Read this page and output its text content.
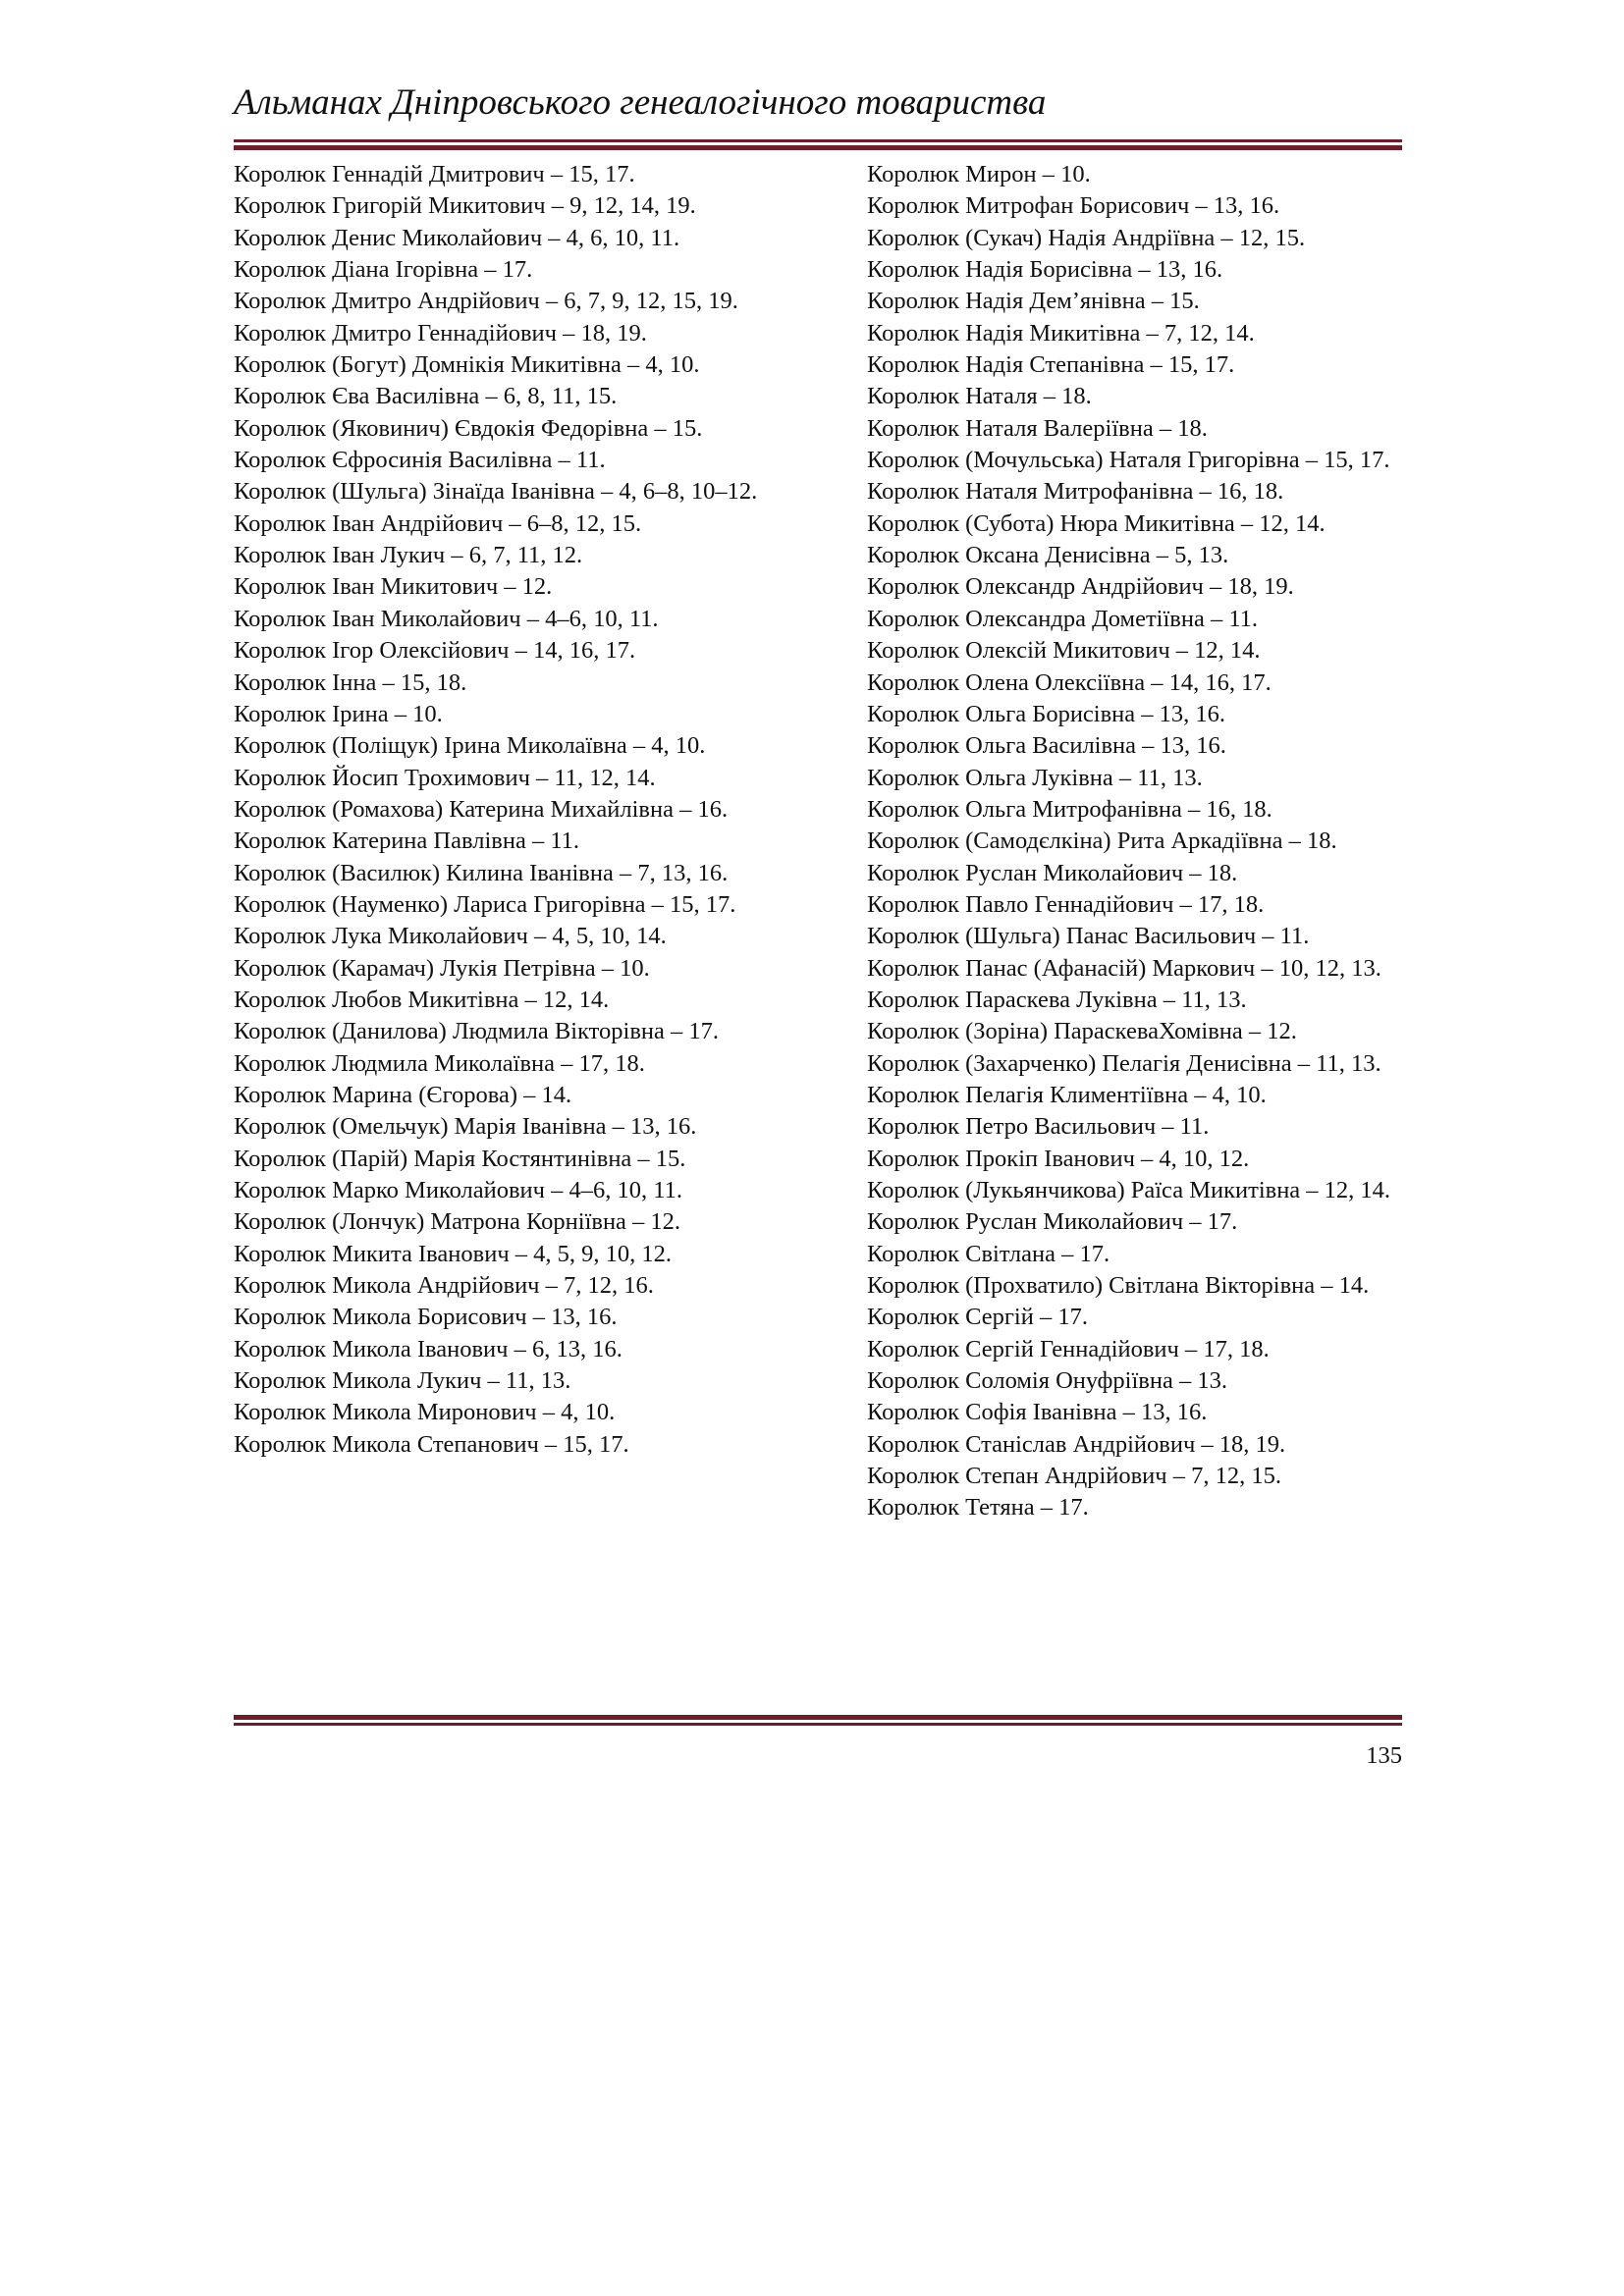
Альманах Дніпровського генеалогічного товариства
Королюк Геннадій Дмитрович – 15, 17.
Королюк Григорій Микитович – 9, 12, 14, 19.
Королюк Денис Миколайович – 4, 6, 10, 11.
Королюк Діана Ігорівна – 17.
Королюк Дмитро Андрійович – 6, 7, 9, 12, 15, 19.
Королюк Дмитро Геннадійович – 18, 19.
Королюк (Богут) Домнікія Микитівна – 4, 10.
Королюк Єва Василівна – 6, 8, 11, 15.
Королюк (Яковинич) Євдокія Федорівна – 15.
Королюк Єфросинія Василівна – 11.
Королюк (Шульга) Зінаїда Іванівна – 4, 6–8, 10–12.
Королюк Іван Андрійович – 6–8, 12, 15.
Королюк Іван Лукич – 6, 7, 11, 12.
Королюк Іван Микитович – 12.
Королюк Іван Миколайович – 4–6, 10, 11.
Королюк Ігор Олексійович – 14, 16, 17.
Королюк Інна – 15, 18.
Королюк Ірина – 10.
Королюк (Поліщук) Ірина Миколаївна – 4, 10.
Королюк Йосип Трохимович – 11, 12, 14.
Королюк (Ромахова) Катерина Михайлівна – 16.
Королюк Катерина Павлівна – 11.
Королюк (Василюк) Килина Іванівна – 7, 13, 16.
Королюк (Науменко) Лариса Григорівна – 15, 17.
Королюк Лука Миколайович – 4, 5, 10, 14.
Королюк (Карамач) Лукія Петрівна – 10.
Королюк Любов Микитівна – 12, 14.
Королюк (Данилова) Людмила Вікторівна – 17.
Королюк Людмила Миколаївна – 17, 18.
Королюк Марина (Єгорова) – 14.
Королюк (Омельчук) Марія Іванівна – 13, 16.
Королюк (Парій) Марія Костянтинівна – 15.
Королюк Марко Миколайович – 4–6, 10, 11.
Королюк (Лончук) Матрона Корніївна – 12.
Королюк Микита Іванович – 4, 5, 9, 10, 12.
Королюк Микола Андрійович – 7, 12, 16.
Королюк Микола Борисович – 13, 16.
Королюк Микола Іванович – 6, 13, 16.
Королюк Микола Лукич – 11, 13.
Королюк Микола Миронович – 4, 10.
Королюк Микола Степанович – 15, 17.
Королюк Мирон – 10.
Королюк Митрофан Борисович – 13, 16.
Королюк (Сукач) Надія Андріївна – 12, 15.
Королюк Надія Борисівна – 13, 16.
Королюк Надія Дем’янівна – 15.
Королюк Надія Микитівна – 7, 12, 14.
Королюк Надія Степанівна – 15, 17.
Королюк Наталя – 18.
Королюк Наталя Валеріївна – 18.
Королюк (Мочульська) Наталя Григорівна – 15, 17.
Королюк Наталя Митрофанівна – 16, 18.
Королюк (Субота) Нюра Микитівна – 12, 14.
Королюк Оксана Денисівна – 5, 13.
Королюк Олександр Андрійович – 18, 19.
Королюк Олександра Дометіївна – 11.
Королюк Олексій Микитович – 12, 14.
Королюк Олена Олексіївна – 14, 16, 17.
Королюк Ольга Борисівна – 13, 16.
Королюк Ольга Василівна – 13, 16.
Королюк Ольга Луківна – 11, 13.
Королюк Ольга Митрофанівна – 16, 18.
Королюк (Самодєлкіна) Рита Аркадіївна – 18.
Королюк Руслан Миколайович – 18.
Королюк Павло Геннадійович – 17, 18.
Королюк (Шульга) Панас Васильович – 11.
Королюк Панас (Афанасій) Маркович – 10, 12, 13.
Королюк Параскева Луківна – 11, 13.
Королюк (Зоріна) ПараскеваХомівна – 12.
Королюк (Захарченко) Пелагія Денисівна – 11, 13.
Королюк Пелагія Климентіївна – 4, 10.
Королюк Петро Васильович – 11.
Королюк Прокіп Іванович – 4, 10, 12.
Королюк (Лукьянчикова) Раїса Микитівна – 12, 14.
Королюк Руслан Миколайович – 17.
Королюк Світлана – 17.
Королюк (Прохватило) Світлана Вікторівна – 14.
Королюк Сергій – 17.
Королюк Сергій Геннадійович – 17, 18.
Королюк Соломія Онуфріївна – 13.
Королюк Софія Іванівна – 13, 16.
Королюк Станіслав Андрійович – 18, 19.
Королюк Степан Андрійович – 7, 12, 15.
Королюк Тетяна – 17.
135
